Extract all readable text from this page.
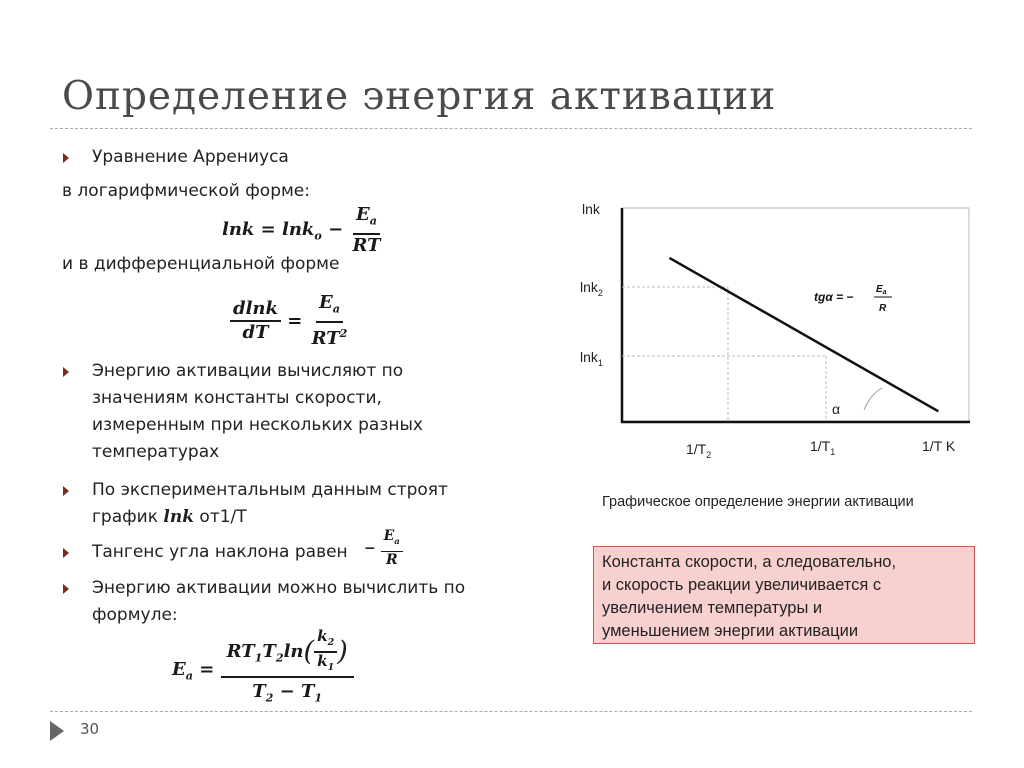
Определение энергия активации
Уравнение Аррениуса
в логарифмической форме:
$\ln k = \ln k_o - \frac{E_a}{RT}$
и в дифференциальной форме
$\frac{dlnk}{dT} = \frac{E_a}{RT^2}$
Энергию активации вычисляют по
значениям константы скорости,
измеренным при нескольких разных
температурах
По экспериментальным данным строят
график lnk от1/T
Тангенс угла наклона равен − $\frac{E_a}{R}$
Энергию активации можно вычислить по
формуле:
$E_a = \frac{RT_1T_2\ln( \frac{k_2}{k_1} )}{T_2 - T_1}$
α
lnk
lnk$_2$
lnk$_1$
$1/T_2$
$1/T_1$	1/T K
tgα = −
$E_a$
R
Графическое определение энергии активации
Константа скорости, а следовательно,
и скорость реакции увеличивается с
увеличением температуры и
уменьшением энергии активации
30
